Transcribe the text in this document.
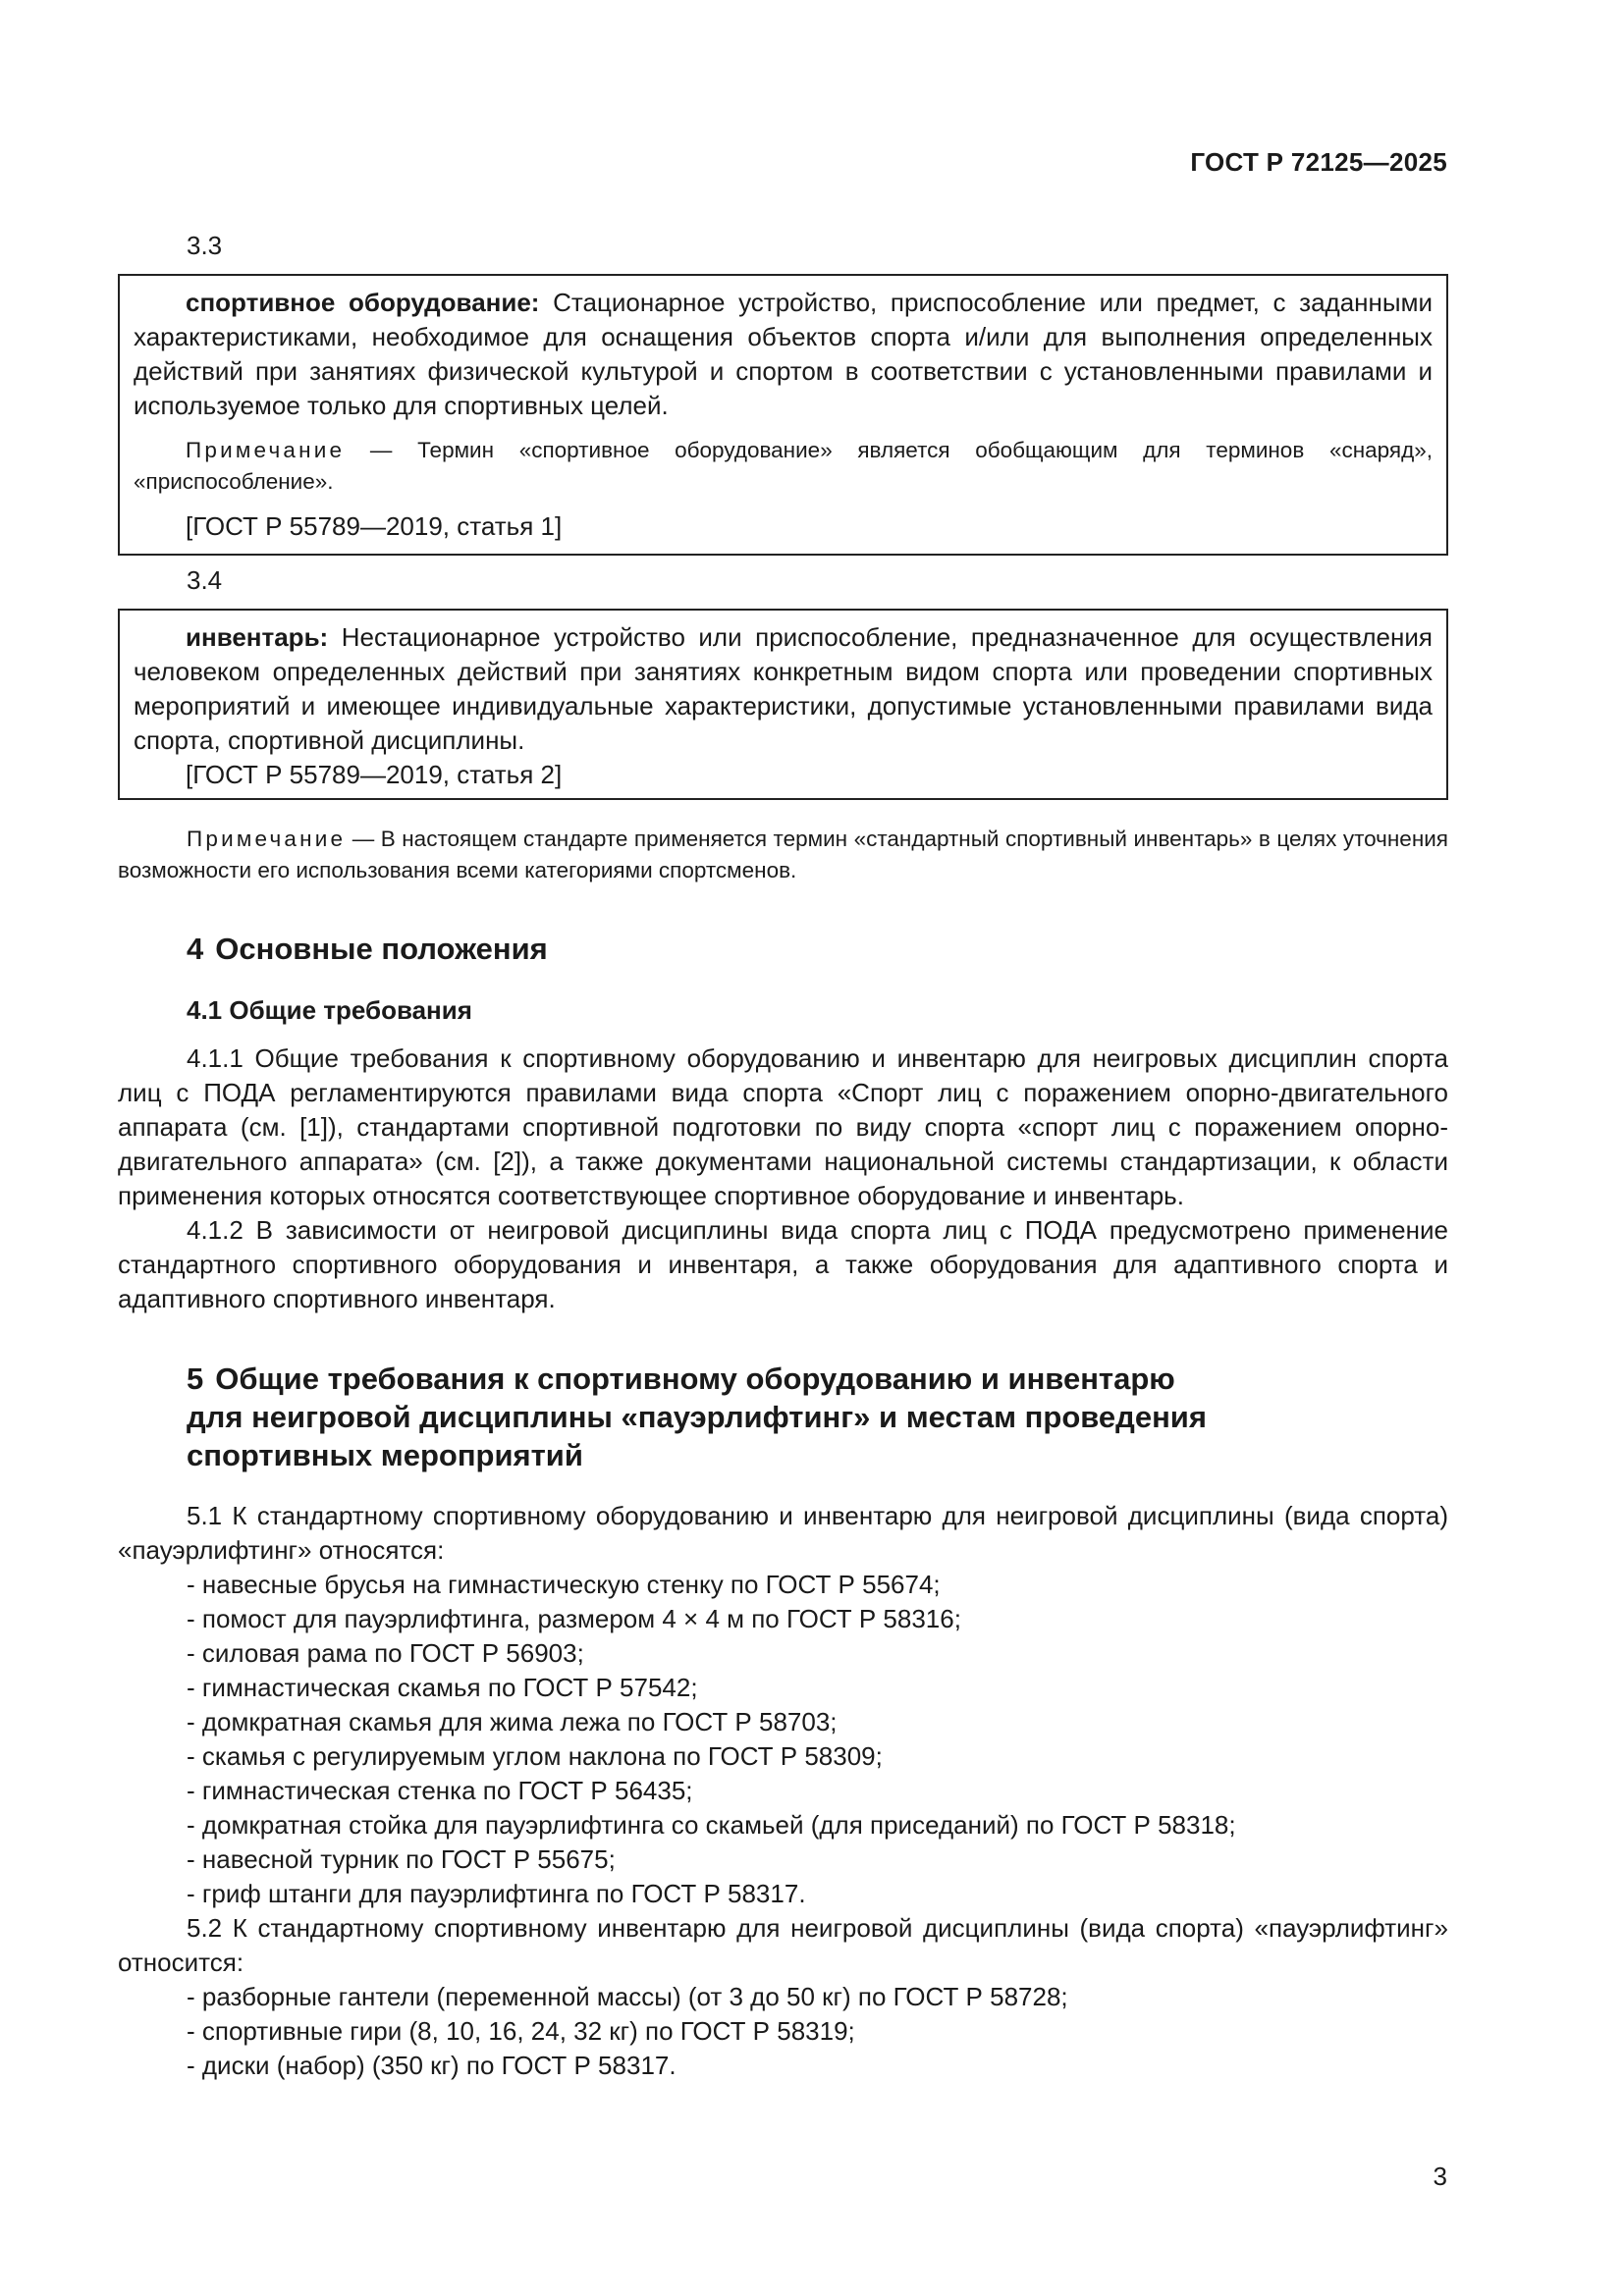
ГОСТ Р 72125—2025
3.3

спортивное оборудование: Стационарное устройство, приспособление или предмет, с заданными характеристиками, необходимое для оснащения объектов спорта и/или для выполнения определенных действий при занятиях физической культурой и спортом в соответствии с установленными правилами и используемое только для спортивных целей.

Примечание — Термин «спортивное оборудование» является обобщающим для терминов «снаряд», «приспособление».

[ГОСТ Р 55789—2019, статья 1]

3.4

инвентарь: Нестационарное устройство или приспособление, предназначенное для осуществления человеком определенных действий при занятиях конкретным видом спорта или проведении спортивных мероприятий и имеющее индивидуальные характеристики, допустимые установленными правилами вида спорта, спортивной дисциплины.

[ГОСТ Р 55789—2019, статья 2]

Примечание — В настоящем стандарте применяется термин «стандартный спортивный инвентарь» в целях уточнения возможности его использования всеми категориями спортсменов.

4 Основные положения
4.1 Общие требования

4.1.1 Общие требования к спортивному оборудованию и инвентарю для неигровых дисциплин спорта лиц с ПОДА регламентируются правилами вида спорта «Спорт лиц с поражением опорно-двигательного аппарата (см. [1]), стандартами спортивной подготовки по виду спорта «спорт лиц с поражением опорно-двигательного аппарата» (см. [2]), а также документами национальной системы стандартизации, к области применения которых относятся соответствующее спортивное оборудование и инвентарь.

4.1.2 В зависимости от неигровой дисциплины вида спорта лиц с ПОДА предусмотрено применение стандартного спортивного оборудования и инвентаря, а также оборудования для адаптивного спорта и адаптивного спортивного инвентаря.

5 Общие требования к спортивному оборудованию и инвентарю
для неигровой дисциплины «пауэрлифтинг» и местам проведения
спортивных мероприятий

5.1 К стандартному спортивному оборудованию и инвентарю для неигровой дисциплины (вида спорта) «пауэрлифтинг» относятся:

- навесные брусья на гимнастическую стенку по ГОСТ Р 55674;

- помост для пауэрлифтинга, размером 4 × 4 м по ГОСТ Р 58316;

- силовая рама по ГОСТ Р 56903;

- гимнастическая скамья по ГОСТ Р 57542;

- домкратная скамья для жима лежа по ГОСТ Р 58703;

- скамья с регулируемым углом наклона по ГОСТ Р 58309;

- гимнастическая стенка по ГОСТ Р 56435;

- домкратная стойка для пауэрлифтинга со скамьей (для приседаний) по ГОСТ Р 58318;

- навесной турник по ГОСТ Р 55675;

- гриф штанги для пауэрлифтинга по ГОСТ Р 58317.

5.2 К стандартному спортивному инвентарю для неигровой дисциплины (вида спорта) «пауэрлифтинг» относится:

- разборные гантели (переменной массы) (от 3 до 50 кг) по ГОСТ Р 58728;

- спортивные гири (8, 10, 16, 24, 32 кг) по ГОСТ Р 58319;

- диски (набор) (350 кг) по ГОСТ Р 58317.

3
